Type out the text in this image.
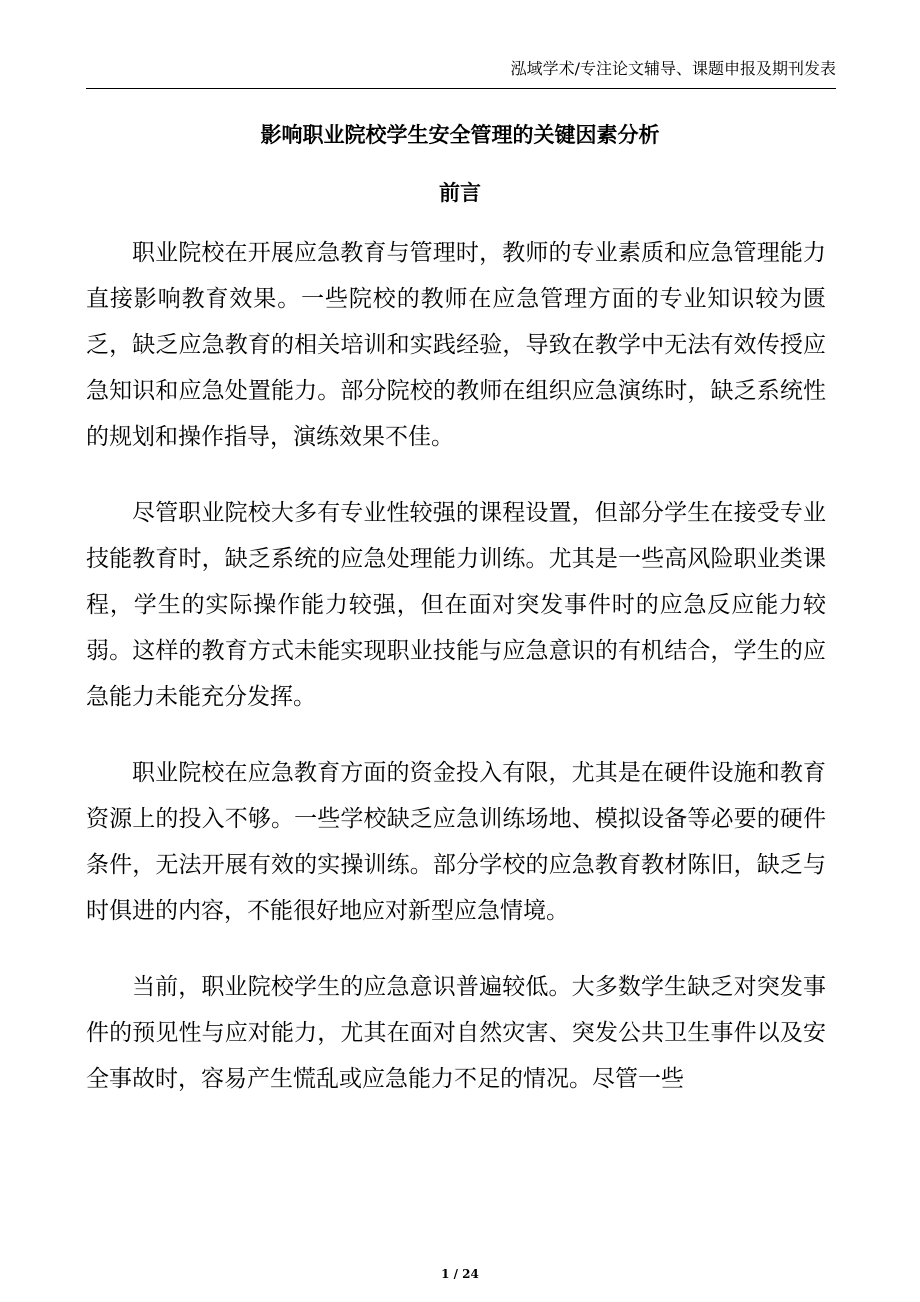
泓域学术/专注论文辅导、课题申报及期刊发表
影响职业院校学生安全管理的关键因素分析
前言

职业院校在开展应急教育与管理时，教师的专业素质和应急管理能力直接影响教育效果。一些院校的教师在应急管理方面的专业知识较为匮乏，缺乏应急教育的相关培训和实践经验，导致在教学中无法有效传授应急知识和应急处置能力。部分院校的教师在组织应急演练时，缺乏系统性的规划和操作指导，演练效果不佳。

尽管职业院校大多有专业性较强的课程设置，但部分学生在接受专业技能教育时，缺乏系统的应急处理能力训练。尤其是一些高风险职业类课程，学生的实际操作能力较强，但在面对突发事件时的应急反应能力较弱。这样的教育方式未能实现职业技能与应急意识的有机结合，学生的应急能力未能充分发挥。

职业院校在应急教育方面的资金投入有限，尤其是在硬件设施和教育资源上的投入不够。一些学校缺乏应急训练场地、模拟设备等必要的硬件条件，无法开展有效的实操训练。部分学校的应急教育教材陈旧，缺乏与时俱进的内容，不能很好地应对新型应急情境。

当前，职业院校学生的应急意识普遍较低。大多数学生缺乏对突发事件的预见性与应对能力，尤其在面对自然灾害、突发公共卫生事件以及安全事故时，容易产生慌乱或应急能力不足的情况。尽管一些

1 / 24
